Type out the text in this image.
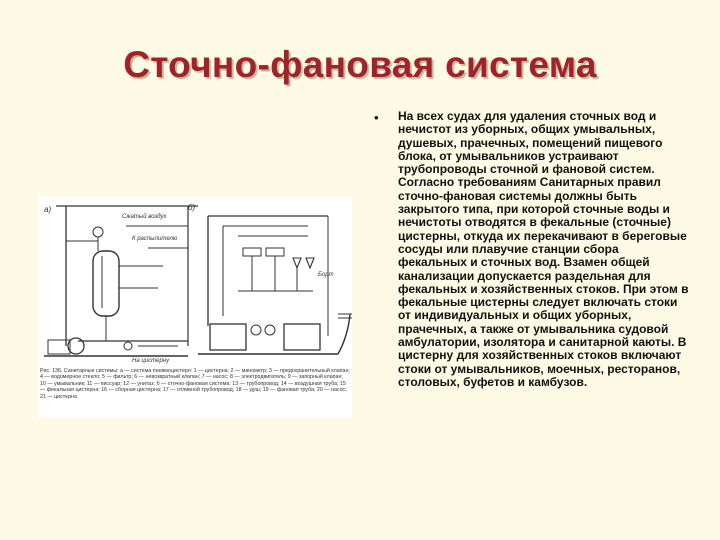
Сточно-фановая система
а)	б)
Сжатый воздух
К распылителю
На цистерну
Борт
Рис. 136. Санитарные системы: а — система пневмоцистерн: 1 — цистерна; 2 — манометр; 3 — предохранительный клапан; 4 — водомерное стекло; 5 — фильтр; 6 — невозвратный клапан; 7 — насос; 8 — электродвигатель; 9 — запорный клапан; 10 — умывальник; 11 — писсуар; 12 — унитаз; б — сточно-фановая система: 13 — трубопровод; 14 — воздушная труба; 15 — фекальная цистерна; 16 — сборная цистерна; 17 — отливной трубопровод; 18 — душ; 19 — фановая труба; 20 — насос; 21 — цистерна
• На всех судах для удаления сточных вод и нечистот из уборных, общих умывальных, душевых, прачечных, помещений пищевого блока, от умывальников устраивают трубопроводы сточной и фановой систем. Согласно требованиям Санитарных правил сточно-фановая системы должны быть закрытого типа, при которой сточные воды и нечистоты отводятся в фекальные (сточные) цистерны, откуда их перекачивают в береговые сосуды или плавучие станции сбора фекальных и сточных вод. Взамен общей канализации допускается раздельная для фекальных и хозяйственных стоков. При этом в фекальные цистерны следует включать стоки от индивидуальных и общих уборных, прачечных, а также от умывальника судовой амбулатории, изолятора и санитарной каюты. В цистерну для хозяйственных стоков включают стоки от умывальников, моечных, ресторанов, столовых, буфетов и камбузов.
